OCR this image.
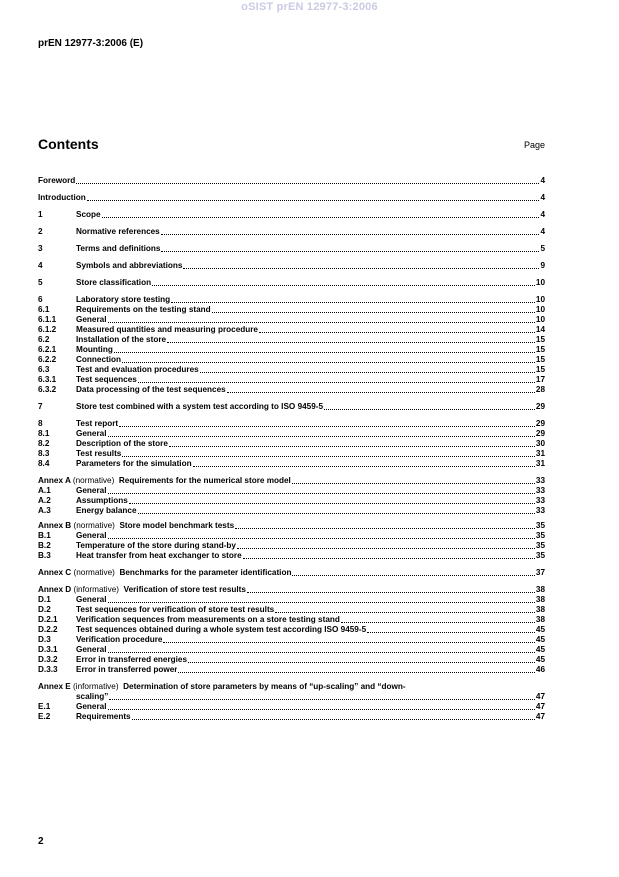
oSIST prEN 12977-3:2006
prEN 12977-3:2006 (E)
Contents	Page
Foreword	4
Introduction	4
1	Scope	4
2	Normative references	4
3	Terms and definitions	5
4	Symbols and abbreviations	9
5	Store classification	10
6	Laboratory store testing	10
6.1	Requirements on the testing stand	10
6.1.1	General	10
6.1.2	Measured quantities and measuring procedure	14
6.2	Installation of the store	15
6.2.1	Mounting	15
6.2.2	Connection	15
6.3	Test and evaluation procedures	15
6.3.1	Test sequences	17
6.3.2	Data processing of the test sequences	28
7	Store test combined with a system test according to ISO 9459-5	29
8	Test report	29
8.1	General	29
8.2	Description of the store	30
8.3	Test results	31
8.4	Parameters for the simulation	31
Annex A (normative) Requirements for the numerical store model	33
A.1	General	33
A.2	Assumptions	33
A.3	Energy balance	33
Annex B (normative) Store model benchmark tests	35
B.1	General	35
B.2	Temperature of the store during stand-by	35
B.3	Heat transfer from heat exchanger to store	35
Annex C (normative) Benchmarks for the parameter identification	37
Annex D (informative) Verification of store test results	38
D.1	General	38
D.2	Test sequences for verification of store test results	38
D.2.1	Verification sequences from measurements on a store testing stand	38
D.2.2	Test sequences obtained during a whole system test according ISO 9459-5	45
D.3	Verification procedure	45
D.3.1	General	45
D.3.2	Error in transferred energies	45
D.3.3	Error in transferred power	46
Annex E (informative) Determination of store parameters by means of “up-scaling” and “down-
scaling”	47
E.1	General	47
E.2	Requirements	47
2
